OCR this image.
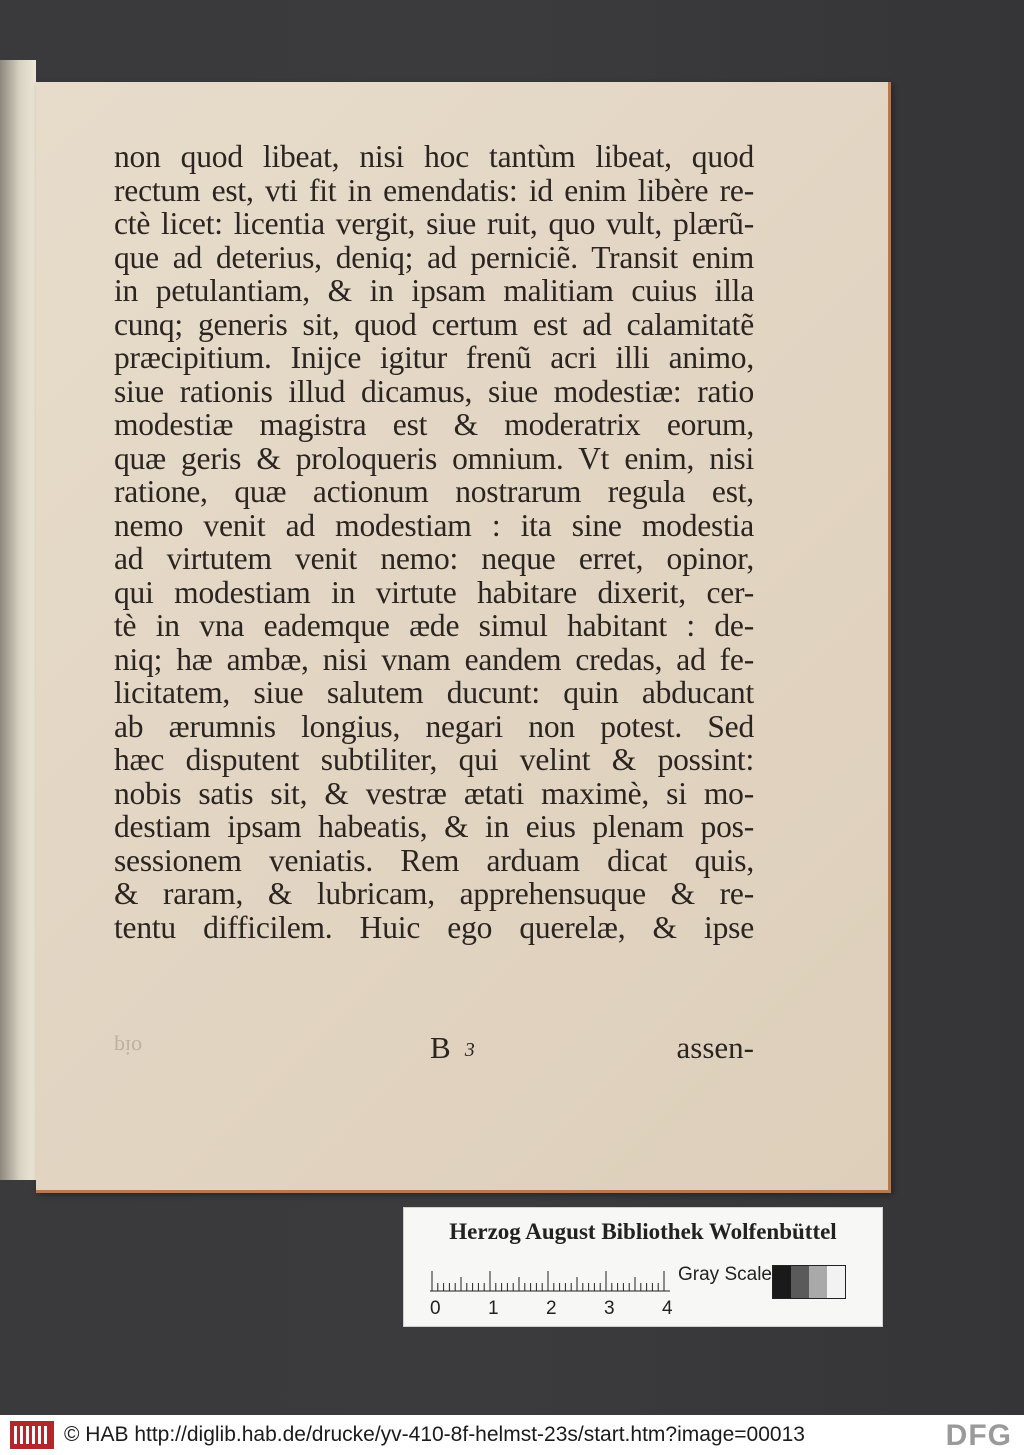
non quod libeat, nisi hoc tantùm libeat, quod
rectum est, vti fit in emendatis: id enim libère re-
ctè licet: licentia vergit, siue ruit, quo vult, plærũ-
que ad deterius, deniq; ad perniciẽ. Transit enim
in petulantiam, & in ipsam malitiam cuius illa
cunq; generis sit, quod certum est ad calamitatẽ
præcipitium. Inijce igitur frenũ acri illi animo,
siue rationis illud dicamus, siue modestiæ: ratio
modestiæ magistra est & moderatrix eorum,
quæ geris & proloqueris omnium. Vt enim, nisi
ratione, quæ actionum nostrarum regula est,
nemo venit ad modestiam : ita sine modestia
ad virtutem venit nemo: neque erret, opinor,
qui modestiam in virtute habitare dixerit, cer-
tè in vna eademque æde simul habitant : de-
niq; hæ ambæ, nisi vnam eandem credas, ad fe-
licitatem, siue salutem ducunt: quin abducant
ab ærumnis longius, negari non potest. Sed
hæc disputent subtiliter, qui velint & possint:
nobis satis sit, & vestræ ætati maximè, si mo-
destiam ipsam habeatis, & in eius plenam pos-
sessionem veniatis. Rem arduam dicat quis,
& raram, & lubricam, apprehensuque & re-
tentu difficilem. Huic ego querelæ, & ipse
pio	B 3	assen-
Herzog August Bibliothek Wolfenbüttel
0 1 2 3 4
Gray Scale
© HAB http://diglib.hab.de/drucke/yv-410-8f-helmst-23s/start.htm?image=00013	DFG
